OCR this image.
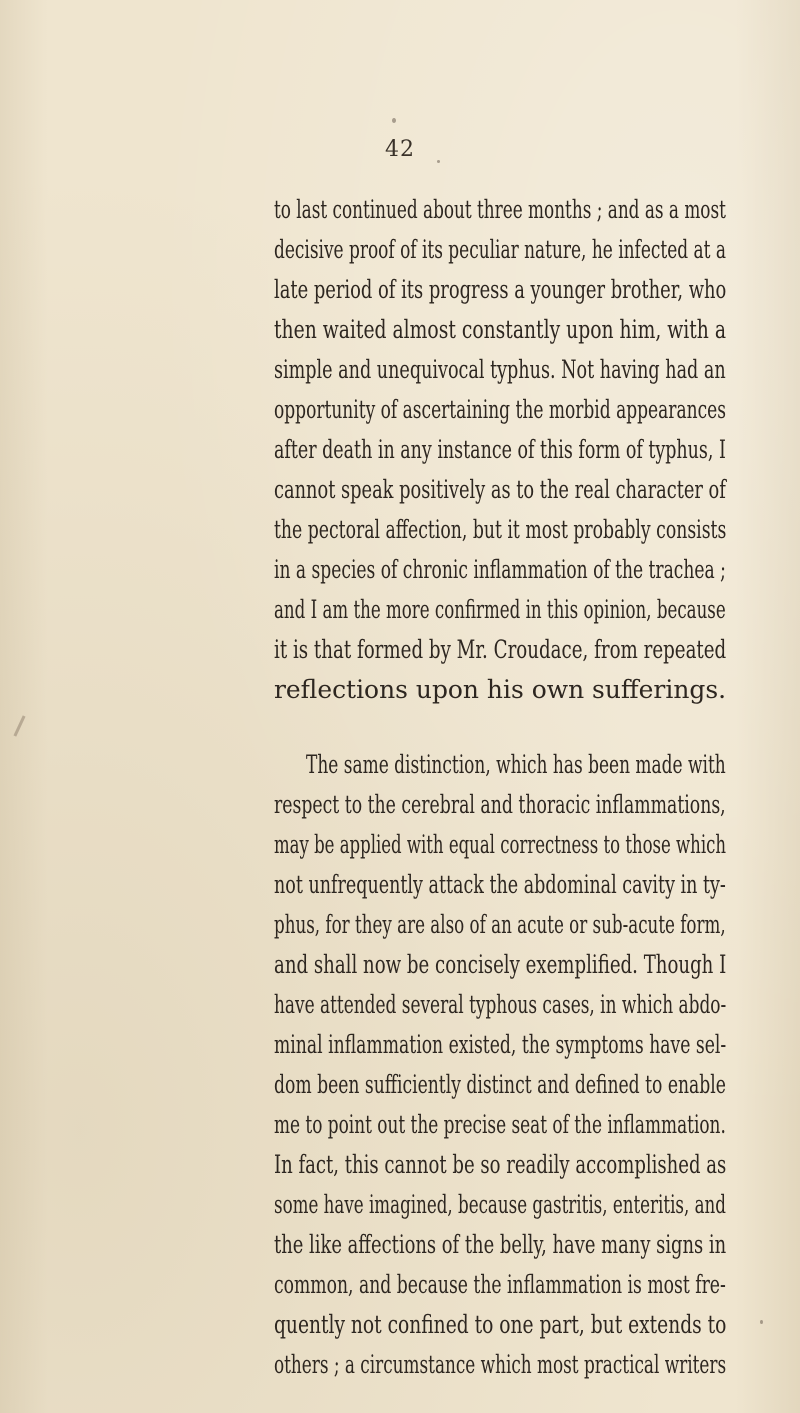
42
to last continued about three months ; and as a most
decisive proof of its peculiar nature, he infected at a
late period of its progress a younger brother, who
then waited almost constantly upon him, with a
simple and unequivocal typhus. Not having had an
opportunity of ascertaining the morbid appearances
after death in any instance of this form of typhus, I
cannot speak positively as to the real character of
the pectoral affection, but it most probably consists
in a species of chronic inflammation of the trachea ;
and I am the more confirmed in this opinion, because
it is that formed by Mr. Croudace, from repeated
reflections upon his own sufferings.
The same distinction, which has been made with
respect to the cerebral and thoracic inflammations,
may be applied with equal correctness to those which
not unfrequently attack the abdominal cavity in ty-
phus, for they are also of an acute or sub-acute form,
and shall now be concisely exemplified. Though I
have attended several typhous cases, in which abdo-
minal inflammation existed, the symptoms have sel-
dom been sufficiently distinct and defined to enable
me to point out the precise seat of the inflammation.
In fact, this cannot be so readily accomplished as
some have imagined, because gastritis, enteritis, and
the like affections of the belly, have many signs in
common, and because the inflammation is most fre-
quently not confined to one part, but extends to
others ; a circumstance which most practical writers
